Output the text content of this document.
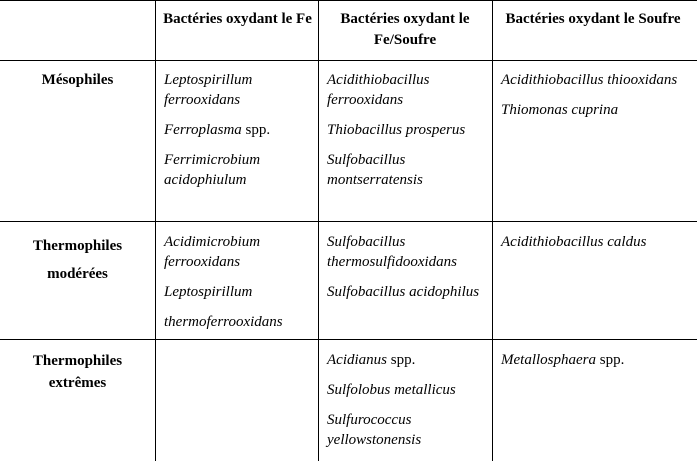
Bactéries oxydant le Fe	Bactéries oxydant le Fe/Soufre
Bactéries oxydant le Soufre
Mésophiles
Thermophiles
modérées
Thermophiles
extrêmes
Leptospirillum ferrooxidans
Ferroplasma spp.
Ferrimicrobium acidophiulum
Acidithiobacillus ferrooxidans
Thiobacillus prosperus
Sulfobacillus montserratensis
Acidithiobacillus thiooxidans
Thiomonas cuprina
Acidimicrobium ferrooxidans
Leptospirillum
thermoferrooxidans
Sulfobacillus thermosulfidooxidans
Sulfobacillus acidophilus
Acidithiobacillus caldus
Acidianus spp.
Sulfolobus metallicus
Sulfurococcus yellowstonensis
Metallosphaera spp.
